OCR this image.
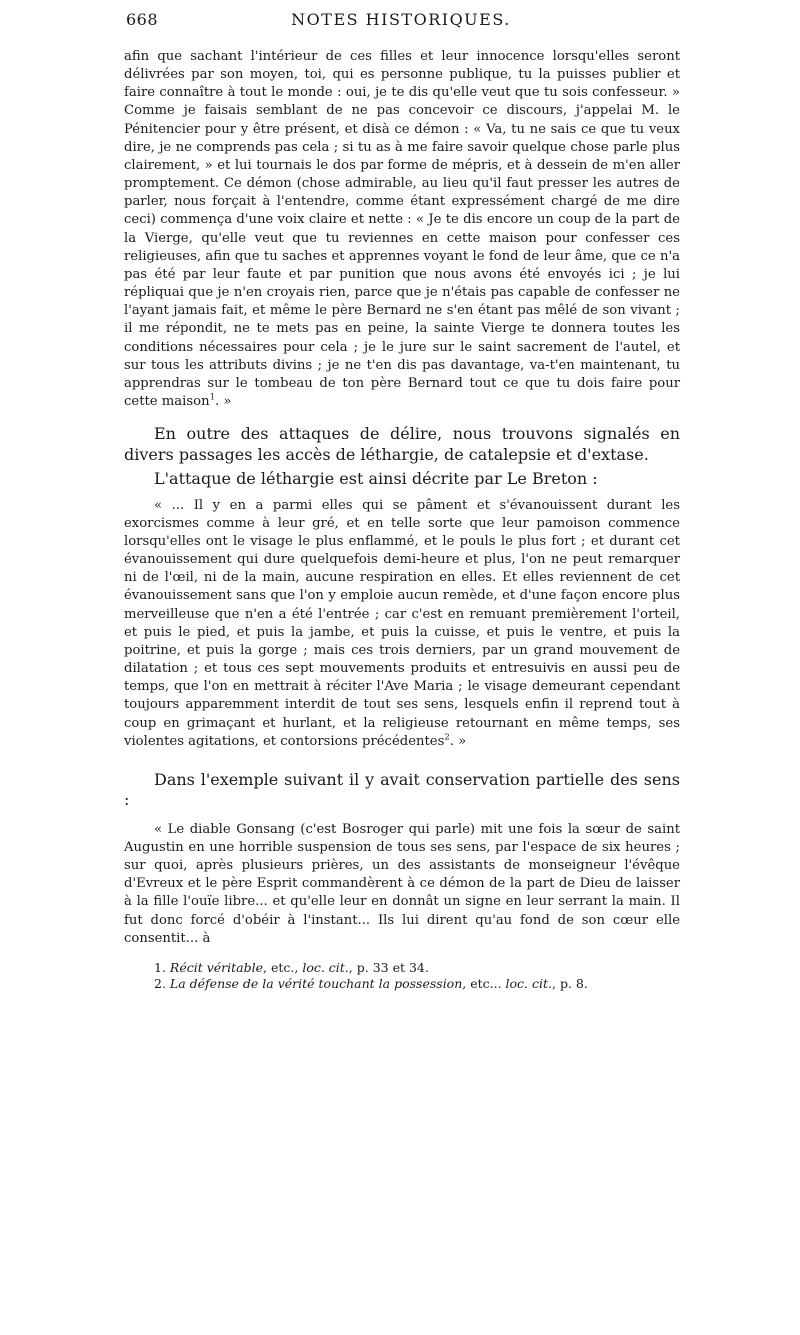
668	NOTES HISTORIQUES.

afin que sachant l'intérieur de ces filles et leur innocence lorsqu'elles seront délivrées par son moyen, toi, qui es personne publique, tu la puisses publier et faire connaître à tout le monde : oui, je te dis qu'elle veut que tu sois confesseur. » Comme je faisais semblant de ne pas concevoir ce discours, j'appelai M. le Pénitencier pour y être présent, et disà ce démon : « Va, tu ne sais ce que tu veux dire, je ne comprends pas cela ; si tu as à me faire savoir quelque chose parle plus clairement, » et lui tournais le dos par forme de mépris, et à dessein de m'en aller promptement. Ce démon (chose admirable, au lieu qu'il faut presser les autres de parler, nous forçait à l'entendre, comme étant expressément chargé de me dire ceci) commença d'une voix claire et nette : « Je te dis encore un coup de la part de la Vierge, qu'elle veut que tu reviennes en cette maison pour confesser ces religieuses, afin que tu saches et apprennes voyant le fond de leur âme, que ce n'a pas été par leur faute et par punition que nous avons été envoyés ici ; je lui répliquai que je n'en croyais rien, parce que je n'étais pas capable de confesser ne l'ayant jamais fait, et même le père Bernard ne s'en étant pas mêlé de son vivant ; il me répondit, ne te mets pas en peine, la sainte Vierge te donnera toutes les conditions nécessaires pour cela ; je le jure sur le saint sacrement de l'autel, et sur tous les attributs divins ; je ne t'en dis pas davantage, va-t'en maintenant, tu apprendras sur le tombeau de ton père Bernard tout ce que tu dois faire pour cette maison$^1$. »

En outre des attaques de délire, nous trouvons signalés en divers passages les accès de léthargie, de catalepsie et d'extase.

L'attaque de léthargie est ainsi décrite par Le Breton :

« ... Il y en a parmi elles qui se pâment et s'évanouissent durant les exorcismes comme à leur gré, et en telle sorte que leur pamoison commence lorsqu'elles ont le visage le plus enflammé, et le pouls le plus fort ; et durant cet évanouissement qui dure quelquefois demi-heure et plus, l'on ne peut remarquer ni de l'œil, ni de la main, aucune respiration en elles. Et elles reviennent de cet évanouissement sans que l'on y emploie aucun remède, et d'une façon encore plus merveilleuse que n'en a été l'entrée ; car c'est en remuant premièrement l'orteil, et puis le pied, et puis la jambe, et puis la cuisse, et puis le ventre, et puis la poitrine, et puis la gorge ; mais ces trois derniers, par un grand mouvement de dilatation ; et tous ces sept mouvements produits et entresuivis en aussi peu de temps, que l'on en mettrait à réciter l'Ave Maria ; le visage demeurant cependant toujours apparemment interdit de tout ses sens, lesquels enfin il reprend tout à coup en grimaçant et hurlant, et la religieuse retournant en même temps, ses violentes agitations, et contorsions précédentes$^2$. »

Dans l'exemple suivant il y avait conservation partielle des sens :

« Le diable Gonsang (c'est Bosroger qui parle) mit une fois la sœur de saint Augustin en une horrible suspension de tous ses sens, par l'espace de six heures ; sur quoi, après plusieurs prières, un des assistants de monseigneur l'évêque d'Evreux et le père Esprit commandèrent à ce démon de la part de Dieu de laisser à la fille l'ouïe libre... et qu'elle leur en donnât un signe en leur serrant la main. Il fut donc forcé d'obéir à l'instant... Ils lui dirent qu'au fond de son cœur elle consentit... à

1. Récit véritable, etc., loc. cit., p. 33 et 34.

2. La défense de la vérité touchant la possession, etc... loc. cit., p. 8.
